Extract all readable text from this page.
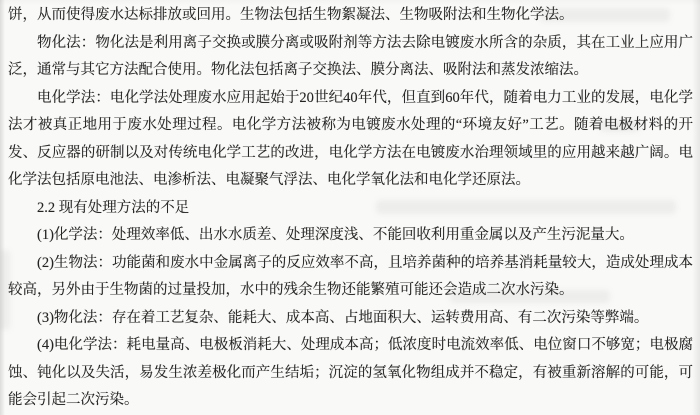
饼，从而使得废水达标排放或回用。生物法包括生物絮凝法、生物吸附法和生物化学法。

物化法：物化法是利用离子交换或膜分离或吸附剂等方法去除电镀废水所含的杂质，其在工业上应用广泛，通常与其它方法配合使用。物化法包括离子交换法、膜分离法、吸附法和蒸发浓缩法。

电化学法：电化学法处理废水应用起始于20世纪40年代，但直到60年代，随着电力工业的发展，电化学法才被真正地用于废水处理过程。电化学方法被称为电镀废水处理的“环境友好”工艺。随着电极材料的开发、反应器的研制以及对传统电化学工艺的改进，电化学方法在电镀废水治理领域里的应用越来越广阔。电化学法包括原电池法、电渗析法、电凝聚气浮法、电化学氧化法和电化学还原法。

2.2 现有处理方法的不足

(1)化学法：处理效率低、出水水质差、处理深度浅、不能回收利用重金属以及产生污泥量大。

(2)生物法：功能菌和废水中金属离子的反应效率不高，且培养菌种的培养基消耗量较大，造成处理成本较高，另外由于生物菌的过量投加，水中的残余生物还能繁殖可能还会造成二次水污染。

(3)物化法：存在着工艺复杂、能耗大、成本高、占地面积大、运转费用高、有二次污染等弊端。

(4)电化学法：耗电量高、电极板消耗大、处理成本高；低浓度时电流效率低、电位窗口不够宽；电极腐蚀、钝化以及失活，易发生浓差极化而产生结垢；沉淀的氢氧化物组成并不稳定，有被重新溶解的可能，可能会引起二次污染。
